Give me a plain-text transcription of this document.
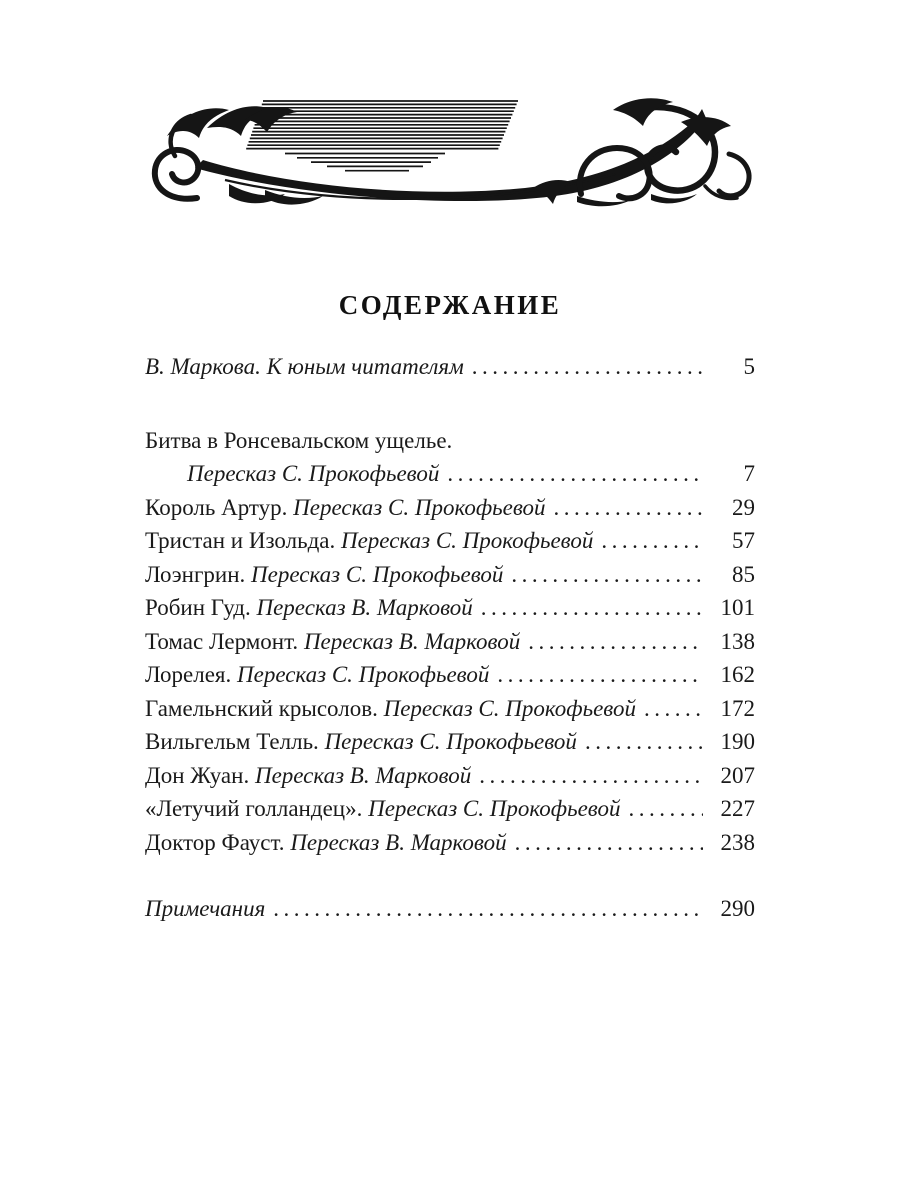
СОДЕРЖАНИЕ
В. Маркова. К юным читателям .....	5
Битва в Ронсевальском ущелье.
Пересказ С. Прокофьевой .....	7
Король Артур. Пересказ С. Прокофьевой .....	29
Тристан и Изольда. Пересказ С. Прокофьевой .....	57
Лоэнгрин. Пересказ С. Прокофьевой .....	85
Робин Гуд. Пересказ В. Марковой .....	101
Томас Лермонт. Пересказ В. Марковой .....	138
Лорелея. Пересказ С. Прокофьевой .....	162
Гамельнский крысолов. Пересказ С. Прокофьевой .....	172
Вильгельм Телль. Пересказ С. Прокофьевой .....	190
Дон Жуан. Пересказ В. Марковой .....	207
«Летучий голландец». Пересказ С. Прокофьевой .....	227
Доктор Фауст. Пересказ В. Марковой .....	238
Примечания .....	290
